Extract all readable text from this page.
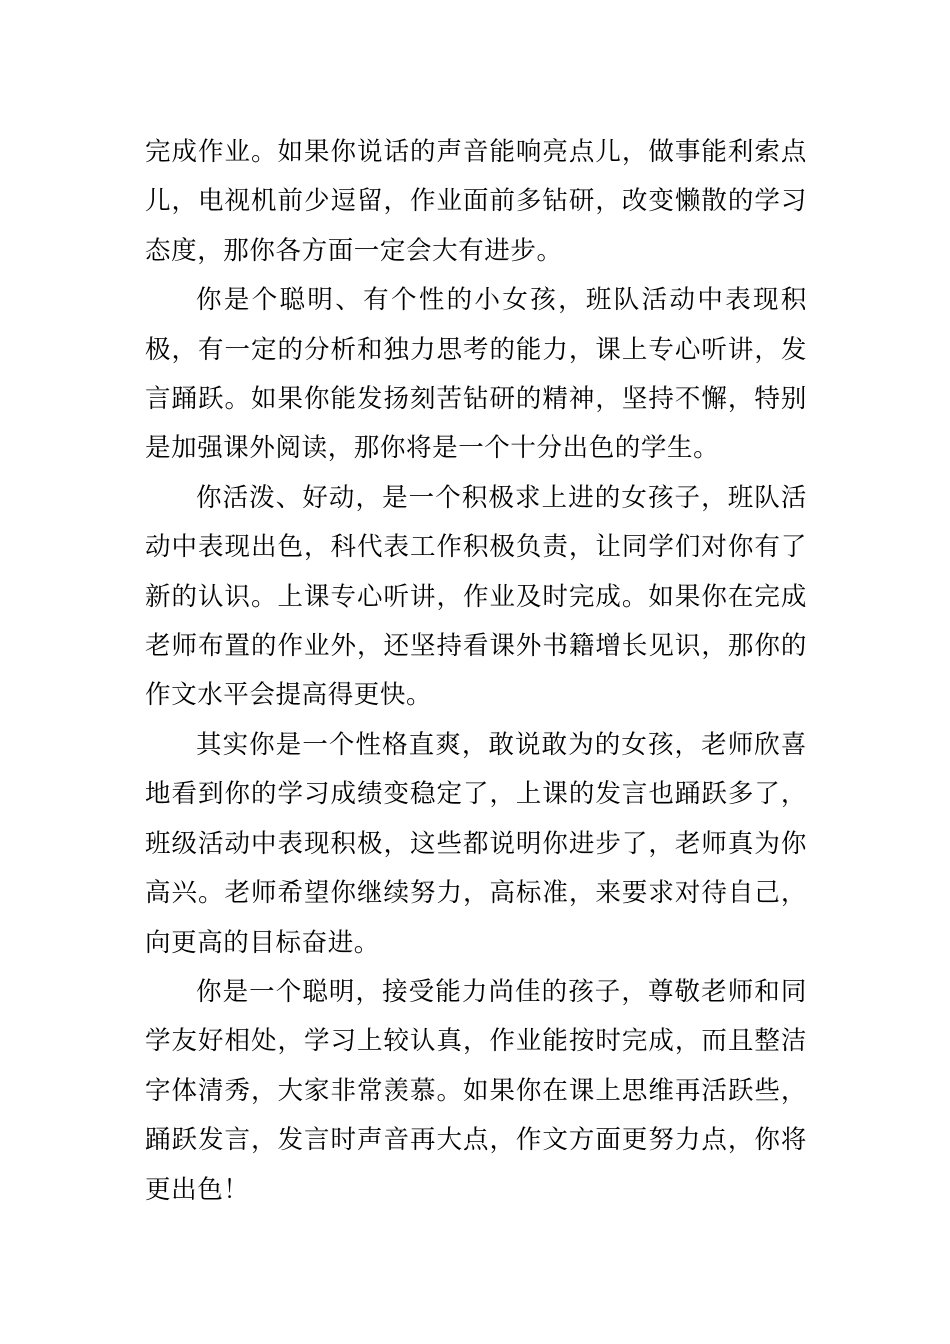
完成作业。如果你说话的声音能响亮点儿，做事能利索点儿，电视机前少逗留，作业面前多钻研，改变懒散的学习态度，那你各方面一定会大有进步。

你是个聪明、有个性的小女孩，班队活动中表现积极，有一定的分析和独力思考的能力，课上专心听讲，发言踊跃。如果你能发扬刻苦钻研的精神，坚持不懈，特别是加强课外阅读，那你将是一个十分出色的学生。

你活泼、好动，是一个积极求上进的女孩子，班队活动中表现出色，科代表工作积极负责，让同学们对你有了新的认识。上课专心听讲，作业及时完成。如果你在完成老师布置的作业外，还坚持看课外书籍增长见识，那你的作文水平会提高得更快。

其实你是一个性格直爽，敢说敢为的女孩，老师欣喜地看到你的学习成绩变稳定了，上课的发言也踊跃多了，班级活动中表现积极，这些都说明你进步了，老师真为你高兴。老师希望你继续努力，高标准，来要求对待自己，向更高的目标奋进。

你是一个聪明，接受能力尚佳的孩子，尊敬老师和同学友好相处，学习上较认真，作业能按时完成，而且整洁字体清秀，大家非常羡慕。如果你在课上思维再活跃些，踊跃发言，发言时声音再大点，作文方面更努力点，你将更出色！
